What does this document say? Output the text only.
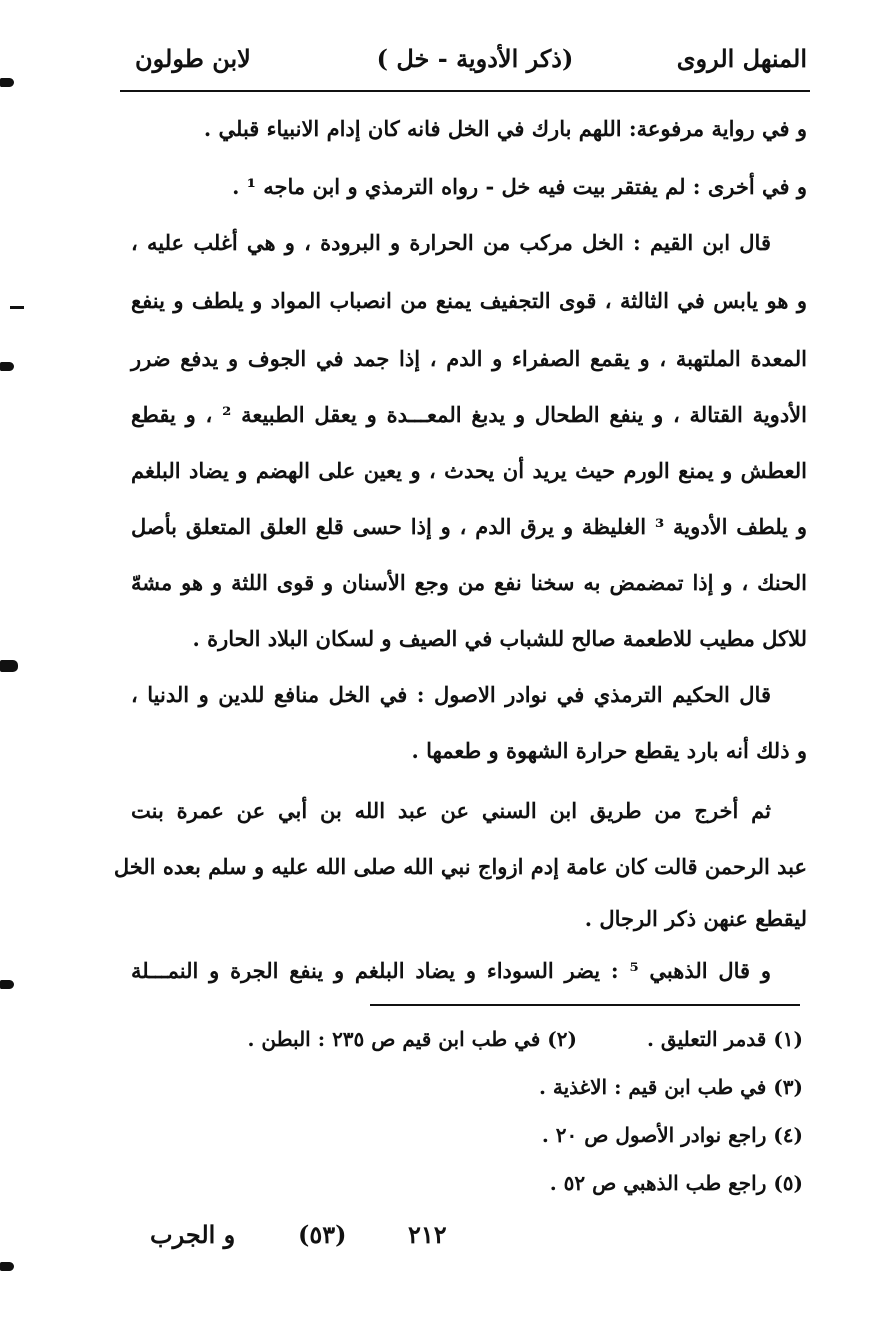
المنهل الروى
(ذكر الأدوية - خل )
لابن طولون
و في رواية مرفوعة: اللهم بارك في الخل فانه كان إدام الانبياء قبلي .
و في أخرى : لم يفتقر بيت فيه خل - رواه الترمذي و ابن ماجه ¹ .
قال ابن القيم : الخل مركب من الحرارة و البرودة ، و هي أغلب عليه ،
و هو يابس في الثالثة ، قوى التجفيف يمنع من انصباب المواد و يلطف و ينفع
المعدة الملتهبة ، و يقمع الصفراء و الدم ، إذا جمد في الجوف و يدفع ضرر
الأدوية القتالة ، و ينفع الطحال و يدبغ المعـــدة و يعقل الطبيعة ² ، و يقطع
العطش و يمنع الورم حيث يريد أن يحدث ، و يعين على الهضم و يضاد البلغم
و يلطف الأدوية ³ الغليظة و يرق الدم ، و إذا حسى قلع العلق المتعلق بأصل
الحنك ، و إذا تمضمض به سخنا نفع من وجع الأسنان و قوى اللثة و هو مشهّ
للاكل مطيب للاطعمة صالح للشباب في الصيف و لسكان البلاد الحارة .
قال الحكيم الترمذي في نوادر الاصول : في الخل منافع للدين و الدنيا ،
و ذلك أنه بارد يقطع حرارة الشهوة و طعمها .
ثم أخرج من طريق ابن السني عن عبد الله بن أبي عن عمرة بنت
عبد الرحمن قالت كان عامة إدم ازواج نبي الله صلى الله عليه و سلم بعده الخل
ليقطع عنهن ذكر الرجال .
و قال الذهبي ⁵ : يضر السوداء و يضاد البلغم و ينفع الجرة و النمـــلة
(١) قدمر التعليق .(٢) في طب ابن قيم ص ٢٣٥ : البطن .
(٣) في طب ابن قيم : الاغذية .
(٤) راجع نوادر الأصول ص ٢٠ .
(٥) راجع طب الذهبي ص ٥٢ .
و الجرب	(٥٣)	٢١٢
